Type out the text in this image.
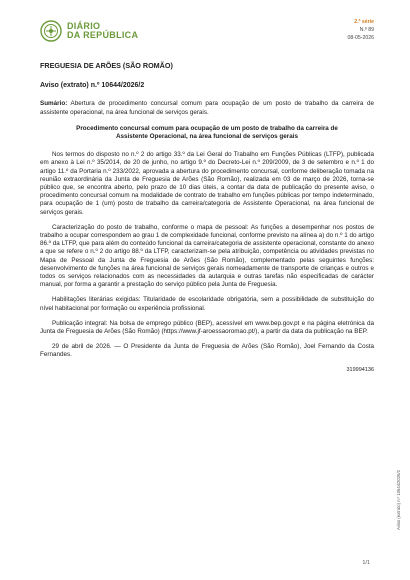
DIÁRIO
DA REPÚBLICA
2.ª série
N.º 89
08-05-2026
FREGUESIA DE ARÕES (SÃO ROMÃO)
Aviso (extrato) n.º 10644/2026/2
Sumário: Abertura de procedimento concursal comum para ocupação de um posto de trabalho da carreira de assistente operacional, na área funcional de serviços gerais.
Procedimento concursal comum para ocupação de um posto de trabalho da carreira de Assistente Operacional, na área funcional de serviços gerais

Nos termos do disposto no n.º 2 do artigo 33.º da Lei Geral do Trabalho em Funções Públicas (LTFP), publicada em anexo à Lei n.º 35/2014, de 20 de junho, no artigo 9.º do Decreto-Lei n.º 209/2009, de 3 de setembro e n.º 1 do artigo 11.º da Portaria n.º 233/2022, aprovada a abertura do procedimento concursal, conforme deliberação tomada na reunião extraordinária da Junta de Freguesia de Arões (São Romão), realizada em 03 de março de 2026, torna-se público que, se encontra aberto, pelo prazo de 10 dias úteis, a contar da data de publicação do presente aviso, o procedimento concursal comum na modalidade de contrato de trabalho em funções públicas por tempo indeterminado, para ocupação de 1 (um) posto de trabalho da carreira/categoria de Assistente Operacional, na área funcional de serviços gerais.

Caracterização do posto de trabalho, conforme o mapa de pessoal: As funções a desempenhar nos postos de trabalho a ocupar correspondem ao grau 1 de complexidade funcional, conforme previsto na alínea a) do n.º 1 do artigo 86.º da LTFP, que para além do conteúdo funcional da carreira/categoria de assistente operacional, constante do anexo a que se refere o n.º 2 do artigo 88.º da LTFP, caracterizam-se pela atribuição, competência ou atividades previstas no Mapa de Pessoal da Junta de Freguesia de Arões (São Romão), complementado pelas seguintes funções: desenvolvimento de funções na área funcional de serviços gerais nomeadamente de transporte de crianças e outros e todos os serviços relacionados com as necessidades da autarquia e outras tarefas não especificadas de carácter manual, por forma a garantir a prestação do serviço público pela Junta de Freguesia.

Habilitações literárias exigidas: Titularidade de escolaridade obrigatória, sem a possibilidade de substituição do nível habitacional por formação ou experiência profissional.

Publicação integral: Na bolsa de emprego público (BEP), acessível em www.bep.gov.pt e na página eletrónica da Junta de Freguesia de Arões (São Romão) (https://www.jf-aroessaoromao.pt/), a partir da data da publicação na BEP.

29 de abril de 2026. — O Presidente da Junta de Freguesia de Arões (São Romão), Joel Fernando da Costa Fernandes.
319994136
Aviso (extrato) n.º 10644/2026/2
1/1
